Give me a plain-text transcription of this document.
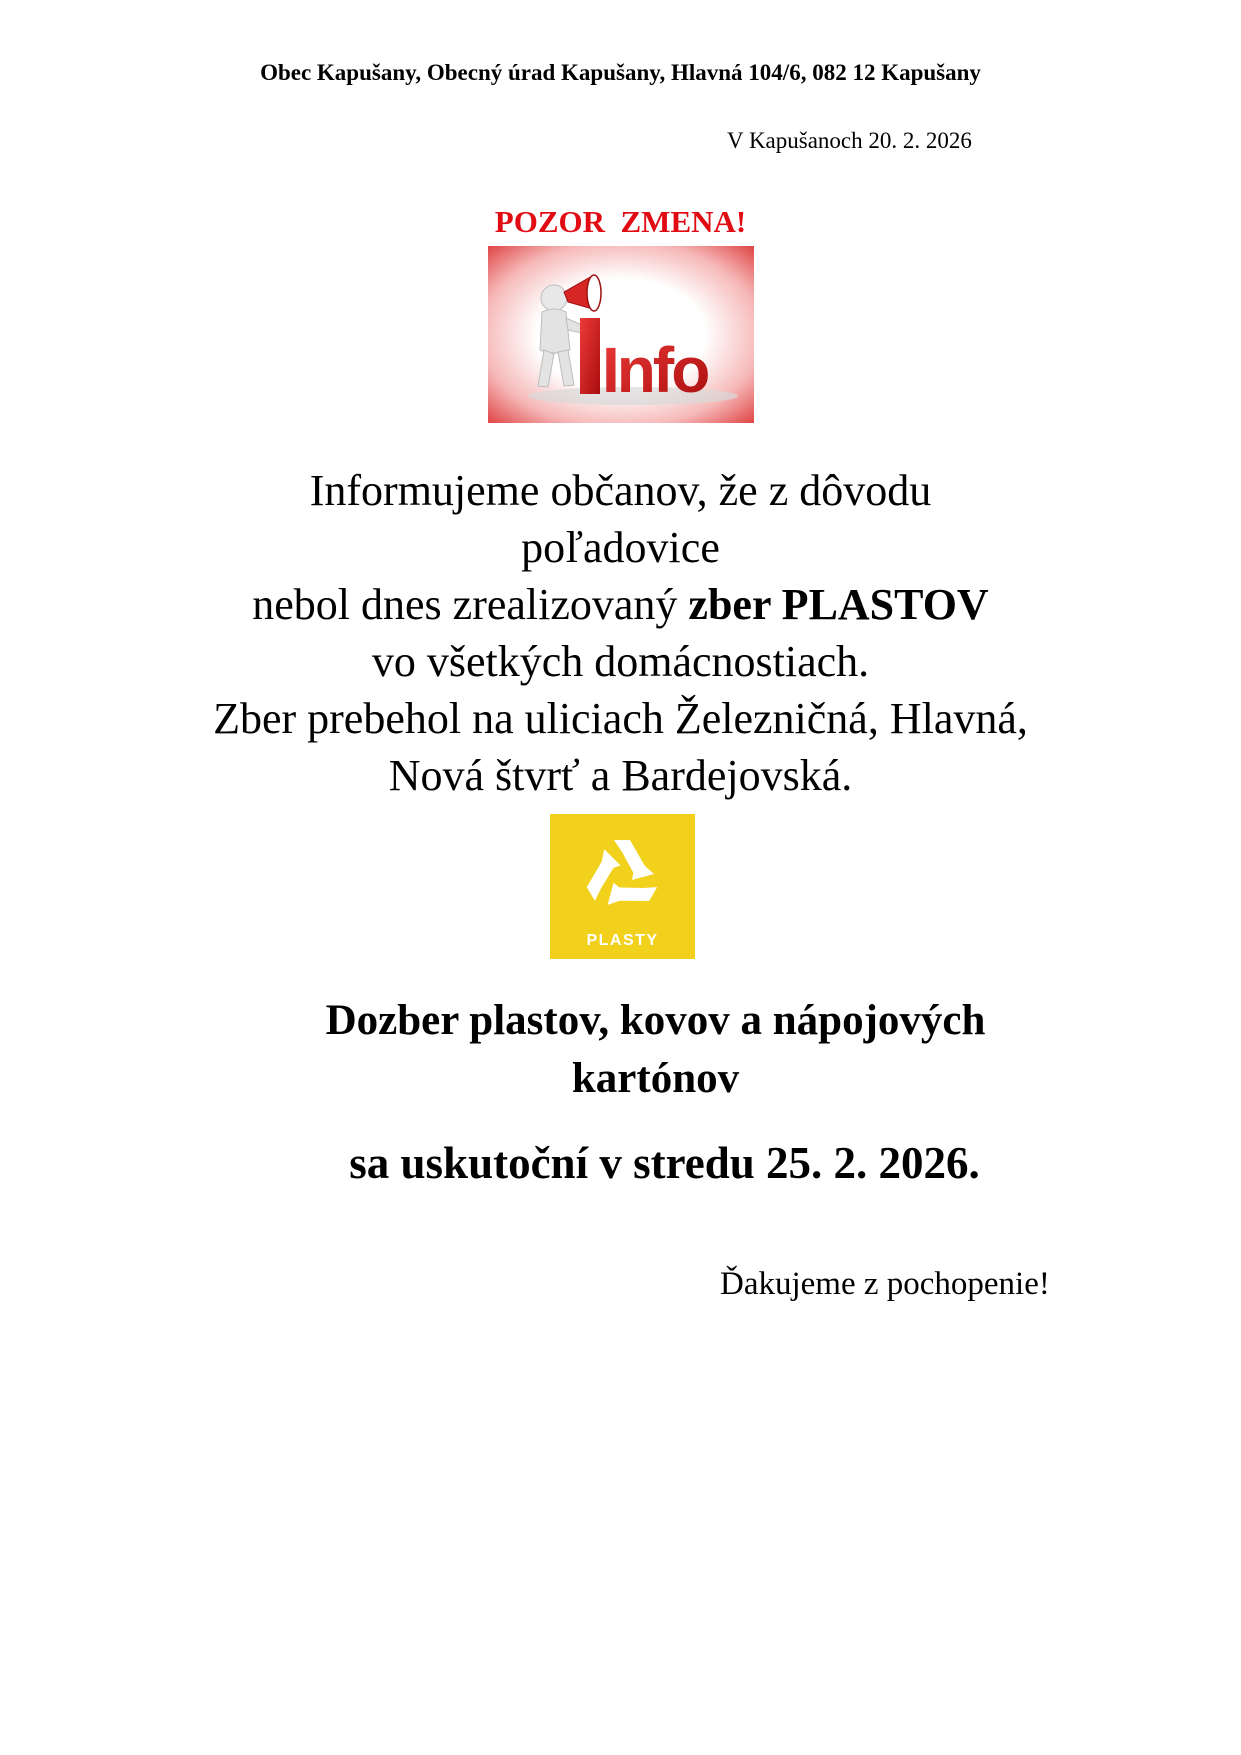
Obec Kapušany, Obecný úrad Kapušany, Hlavná 104/6, 082 12 Kapušany
V Kapušanoch 20. 2. 2026
POZOR  ZMENA!
Info
Informujeme občanov, že z dôvodu
poľadovice
nebol dnes zrealizovaný zber PLASTOV
vo všetkých domácnostiach.
Zber prebehol na uliciach Železničná, Hlavná,
Nová štvrť a Bardejovská.
PLASTY
Dozber plastov, kovov a nápojových
kartónov
sa uskutoční v stredu 25. 2. 2026.
Ďakujeme z pochopenie!
